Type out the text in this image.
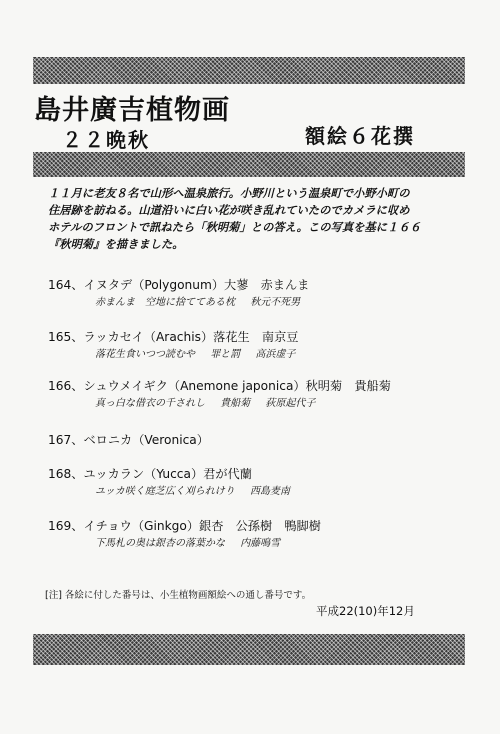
島井廣吉植物画
２２晩秋	額絵６花撰

１１月に老友８名で山形へ温泉旅行。小野川という温泉町で小野小町の

住居跡を訪ねる。山道沿いに白い花が咲き乱れていたのでカメラに収め

ホテルのフロントで訊ねたら「秋明菊」との答え。この写真を基に１６６

『秋明菊』を描きました。

164、イヌタデ（Polygonum）大蓼　赤まんま
赤まんま　空地に捨ててある枕 秋元不死男
165、ラッカセイ（Arachis）落花生　南京豆
落花生食いつつ読むや 罪と罰 高浜虚子
166、シュウメイギク（Anemone japonica）秋明菊　貴船菊
真っ白な借衣の千されし 貴船菊 荻原起代子
167、ベロニカ（Veronica）
168、ユッカラン（Yucca）君が代蘭
ユッカ咲く庭芝広く刈られけり 西島麦南
169、イチョウ（Ginkgo）銀杏　公孫樹　鴨脚樹
下馬札の奥は銀杏の落葉かな 内藤鳴雪
[注] 各絵に付した番号は、小生植物画額絵への通し番号です。
平成22(10)年12月
